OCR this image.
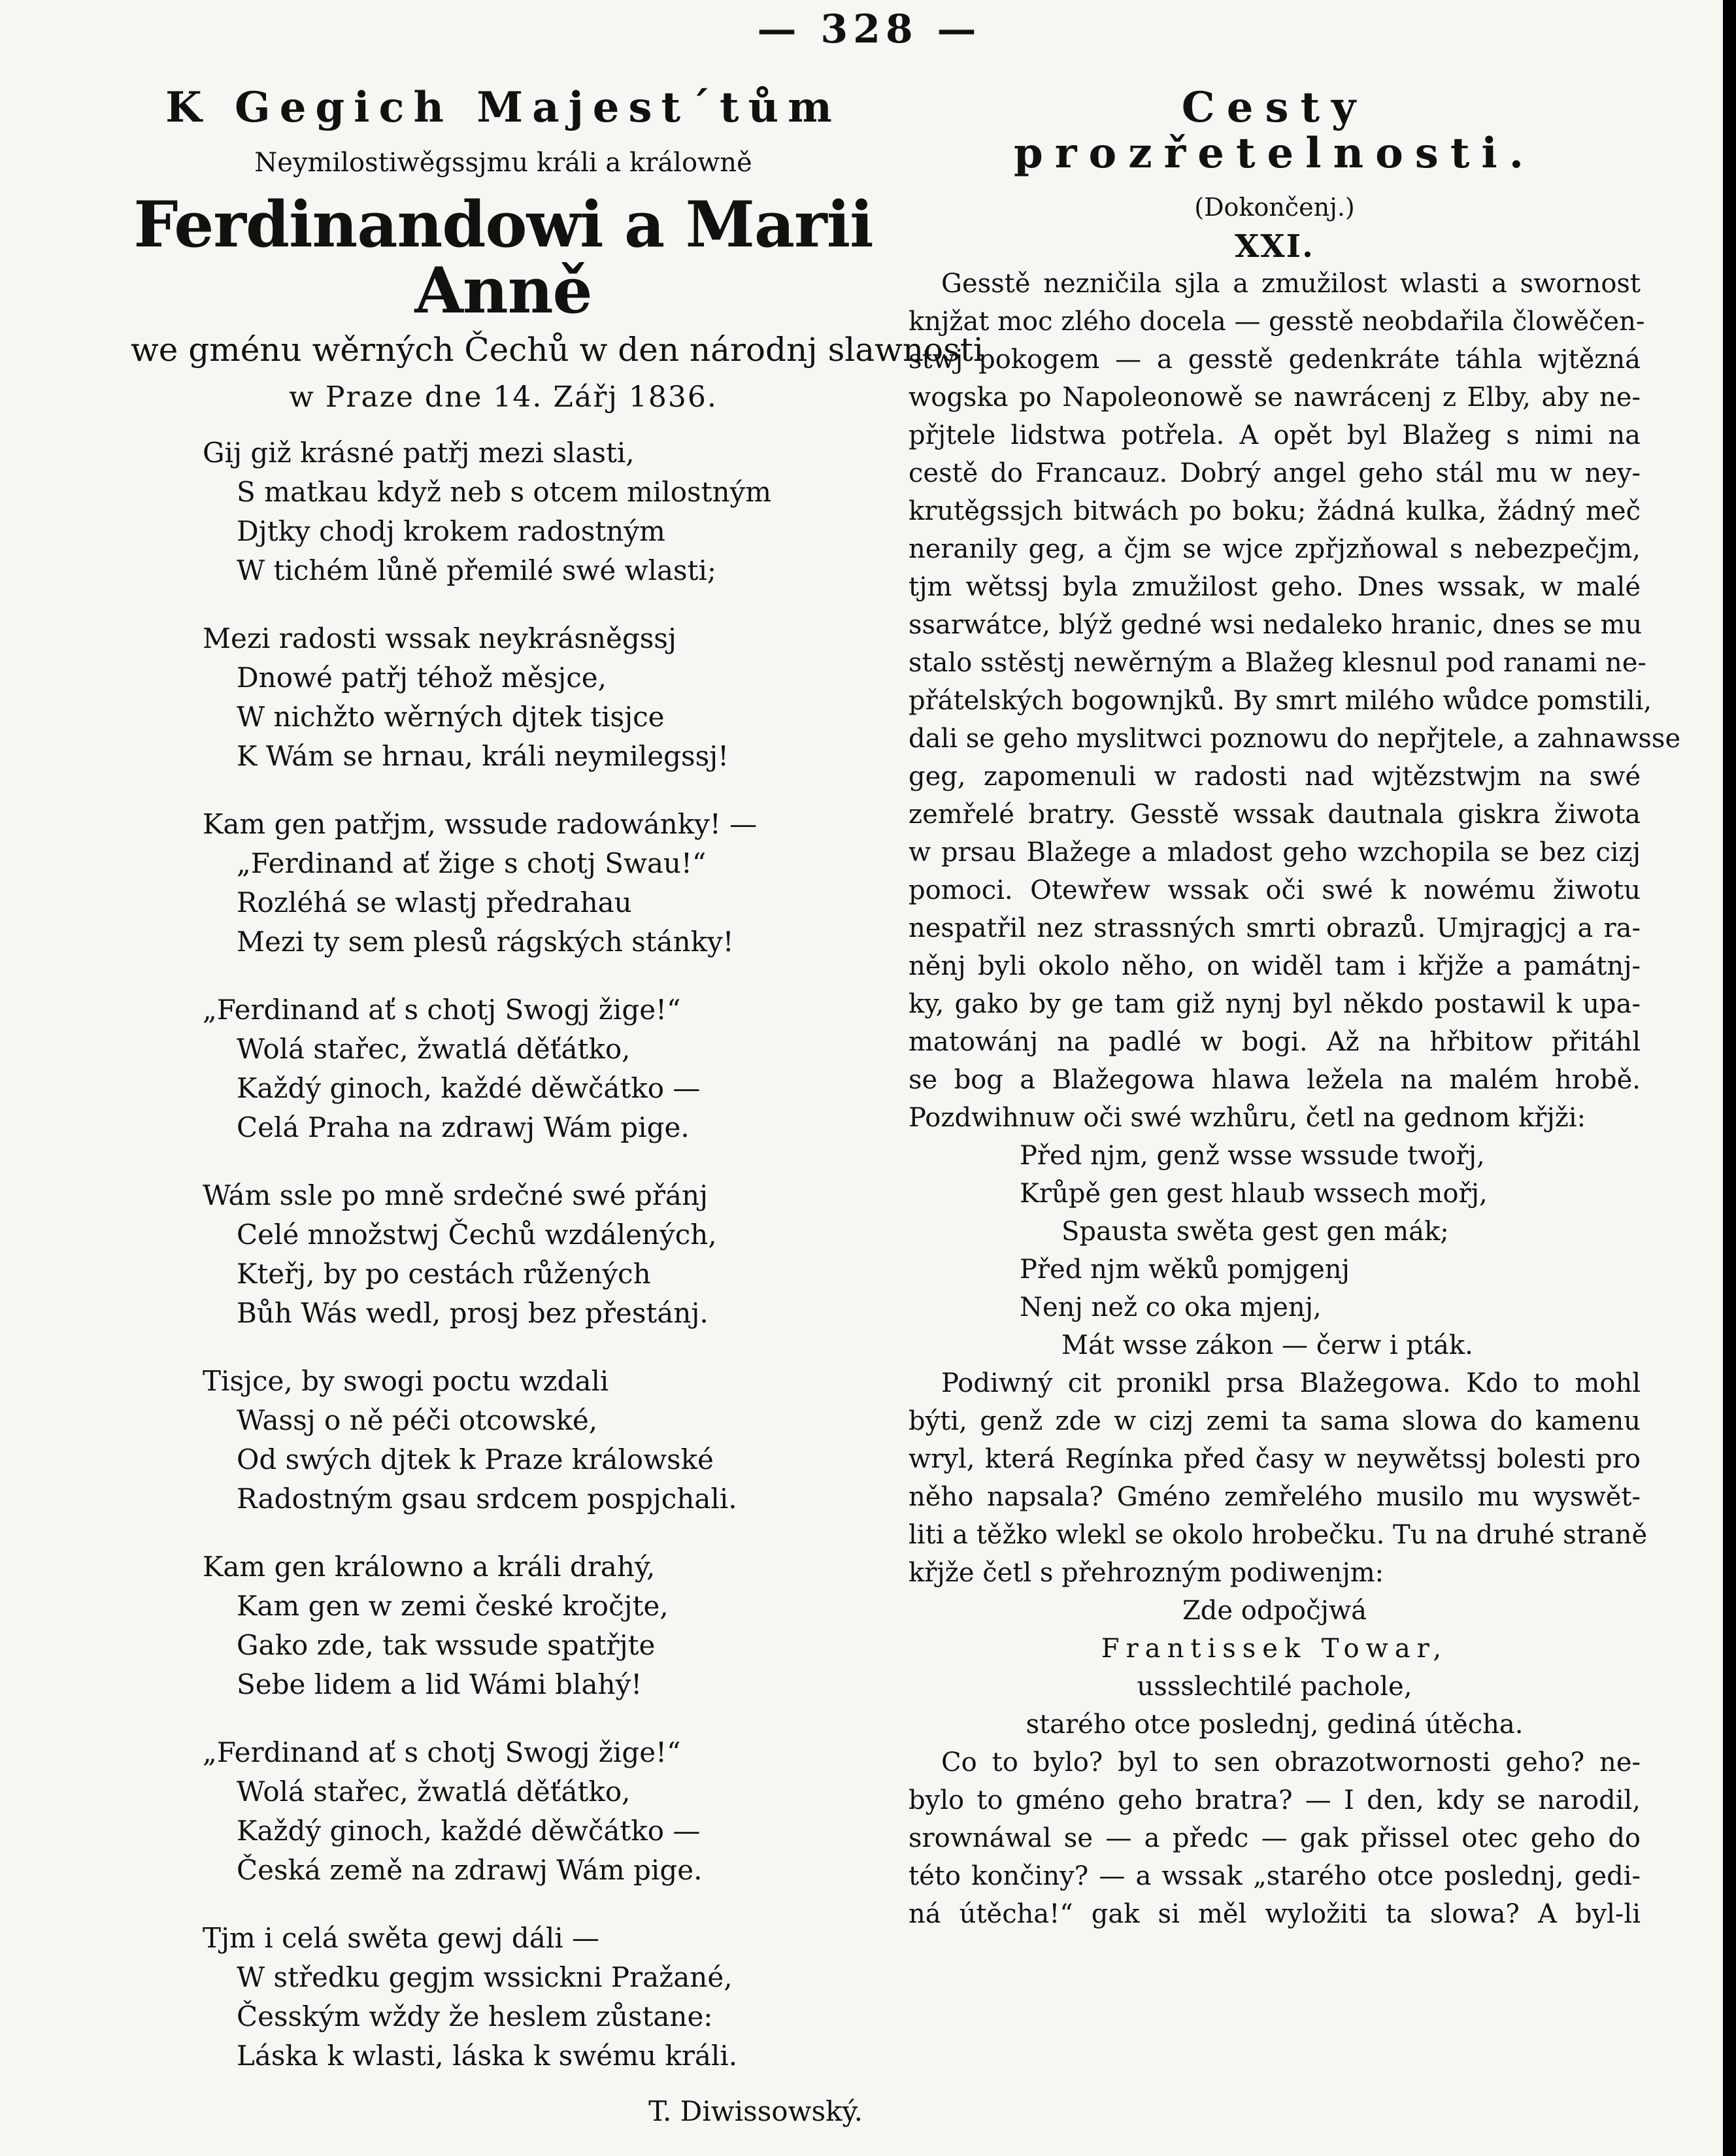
— 328 —
K Gegich Majest´tům
Neymilostiwěgssjmu králi a králowně
Ferdinandowi a Marii Anně
we gménu wěrných Čechů w den národnj slawnosti
w Praze dne 14. Zářj 1836.
Gij giž krásné patřj mezi slasti,
S matkau když neb s otcem milostným
Djtky chodj krokem radostným
W tichém lůně přemilé swé wlasti;
Mezi radosti wssak neykrásněgssj
Dnowé patřj téhož měsjce,
W nichžto wěrných djtek tisjce
K Wám se hrnau, králi neymilegssj!
Kam gen patřjm, wssude radowánky! —
„Ferdinand ať žige s chotj Swau!“
Rozléhá se wlastj předrahau
Mezi ty sem plesů rágských stánky!
„Ferdinand ať s chotj Swogj žige!“
Wolá stařec, žwatlá děťátko,
Každý ginoch, každé děwčátko —
Celá Praha na zdrawj Wám pige.
Wám ssle po mně srdečné swé přánj
Celé množstwj Čechů wzdálených,
Kteřj, by po cestách růžených
Bůh Wás wedl, prosj bez přestánj.
Tisjce, by swogi poctu wzdali
Wassj o ně péči otcowské,
Od swých djtek k Praze králowské
Radostným gsau srdcem pospjchali.
Kam gen králowno a králi drahý,
Kam gen w zemi české kročjte,
Gako zde, tak wssude spatřjte
Sebe lidem a lid Wámi blahý!
„Ferdinand ať s chotj Swogj žige!“
Wolá stařec, žwatlá děťátko,
Každý ginoch, každé děwčátko —
Česká země na zdrawj Wám pige.
Tjm i celá swěta gewj dáli —
W středku gegjm wssickni Pražané,
Česským wždy že heslem zůstane:
Láska k wlasti, láska k swému králi.
T. Diwissowský.
Cesty prozřetelnosti.
(Dokončenj.)
XXI.
Gesstě nezničila sjla a zmužilost wlasti a swornost
knjžat moc zlého docela — gesstě neobdařila člowěčen-
stwj pokogem — a gesstě gedenkráte táhla wjtězná
wogska po Napoleonowě se nawrácenj z Elby, aby ne-
přjtele lidstwa potřela. A opět byl Blažeg s nimi na
cestě do Francauz. Dobrý angel geho stál mu w ney-
krutěgssjch bitwách po boku; žádná kulka, žádný meč
neranily geg, a čjm se wjce zpřjzňowal s nebezpečjm,
tjm wětssj byla zmužilost geho. Dnes wssak, w malé
ssarwátce, blýž gedné wsi nedaleko hranic, dnes se mu
stalo sstěstj newěrným a Blažeg klesnul pod ranami ne-
přátelských bogownjků. By smrt milého wůdce pomstili,
dali se geho myslitwci poznowu do nepřjtele, a zahnawsse
geg, zapomenuli w radosti nad wjtězstwjm na swé
zemřelé bratry. Gesstě wssak dautnala giskra žiwota
w prsau Blažege a mladost geho wzchopila se bez cizj
pomoci. Otewřew wssak oči swé k nowému žiwotu
nespatřil nez strassných smrti obrazů. Umjragjcj a ra-
něnj byli okolo něho, on widěl tam i křjže a památnj-
ky, gako by ge tam giž nynj byl někdo postawil k upa-
matowánj na padlé w bogi. Až na hřbitow přitáhl
se bog a Blažegowa hlawa ležela na malém hrobě.
Pozdwihnuw oči swé wzhůru, četl na gednom křjži:
Před njm, genž wsse wssude twořj,
Krůpě gen gest hlaub wssech mořj,
Spausta swěta gest gen mák;
Před njm wěků pomjgenj
Nenj než co oka mjenj,
Mát wsse zákon — čerw i pták.
Podiwný cit pronikl prsa Blažegowa. Kdo to mohl
býti, genž zde w cizj zemi ta sama slowa do kamenu
wryl, která Regínka před časy w neywětssj bolesti pro
něho napsala? Gméno zemřelého musilo mu wyswět-
liti a těžko wlekl se okolo hrobečku. Tu na druhé straně
křjže četl s přehrozným podiwenjm:
Zde odpočjwá
Frantissek Towar,
ussslechtilé pachole,
starého otce poslednj, gediná útěcha.
Co to bylo? byl to sen obrazotwornosti geho? ne-
bylo to gméno geho bratra? — I den, kdy se narodil,
srownáwal se — a předc — gak přissel otec geho do
této končiny? — a wssak „starého otce poslednj, gedi-
ná útěcha!“ gak si měl wyložiti ta slowa? A byl-li
